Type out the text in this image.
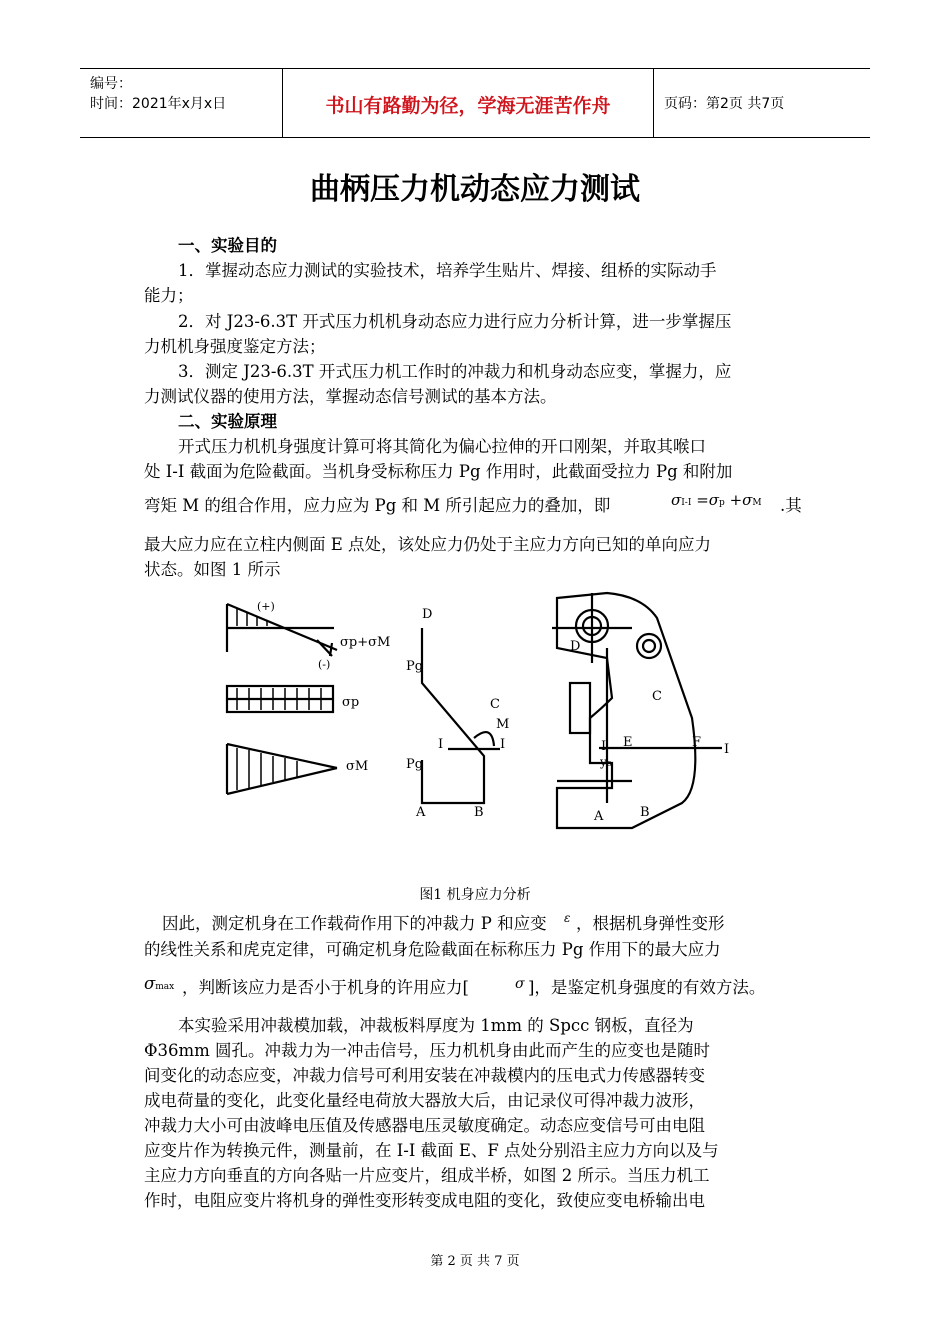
编号：
时间：2021年x月x日	书山有路勤为径，学海无涯苦作舟	页码：第2页 共7页
曲柄压力机动态应力测试
一、实验目的
1．掌握动态应力测试的实验技术，培养学生贴片、焊接、组桥的实际动手
能力；
2．对 J23-6.3T 开式压力机机身动态应力进行应力分析计算，进一步掌握压
力机机身强度鉴定方法；
3．测定 J23-6.3T 开式压力机工作时的冲裁力和机身动态应变，掌握力，应
力测试仪器的使用方法，掌握动态信号测试的基本方法。
二、实验原理
开式压力机机身强度计算可将其简化为偏心拉伸的开口刚架，并取其喉口
处 I-I 截面为危险截面。当机身受标称压力 Pg 作用时，此截面受拉力 Pg 和附加
弯矩 M 的组合作用，应力应为 Pg 和 M 所引起应力的叠加，即	σI-I =σp +σM .其
最大应力应在立柱内侧面 E 点处，该处应力仍处于主应力方向已知的单向应力
状态。如图 1 所示
(+)
(-)
σp+σM
σp
σM
D
C
Pg
Pg
I	I
M
A	B
D
C
E	F
I	I
y₀
A	B
图1 机身应力分析
因此，测定机身在工作载荷作用下的冲裁力 P 和应变 ε ，根据机身弹性变形
的线性关系和虎克定律，可确定机身危险截面在标称压力 Pg 作用下的最大应力
σmax ，判断该应力是否小于机身的许用应力[	σ ]，是鉴定机身强度的有效方法。
本实验采用冲裁模加载，冲裁板料厚度为 1mm 的 Spcc 钢板，直径为
Φ36mm 圆孔。冲裁力为一冲击信号，压力机机身由此而产生的应变也是随时
间变化的动态应变，冲裁力信号可利用安装在冲裁模内的压电式力传感器转变
成电荷量的变化，此变化量经电荷放大器放大后，由记录仪可得冲裁力波形，
冲裁力大小可由波峰电压值及传感器电压灵敏度确定。动态应变信号可由电阻
应变片作为转换元件，测量前，在 I-I 截面 E、F 点处分别沿主应力方向以及与
主应力方向垂直的方向各贴一片应变片，组成半桥，如图 2 所示。当压力机工
作时，电阻应变片将机身的弹性变形转变成电阻的变化，致使应变电桥输出电
第 2 页 共 7 页
